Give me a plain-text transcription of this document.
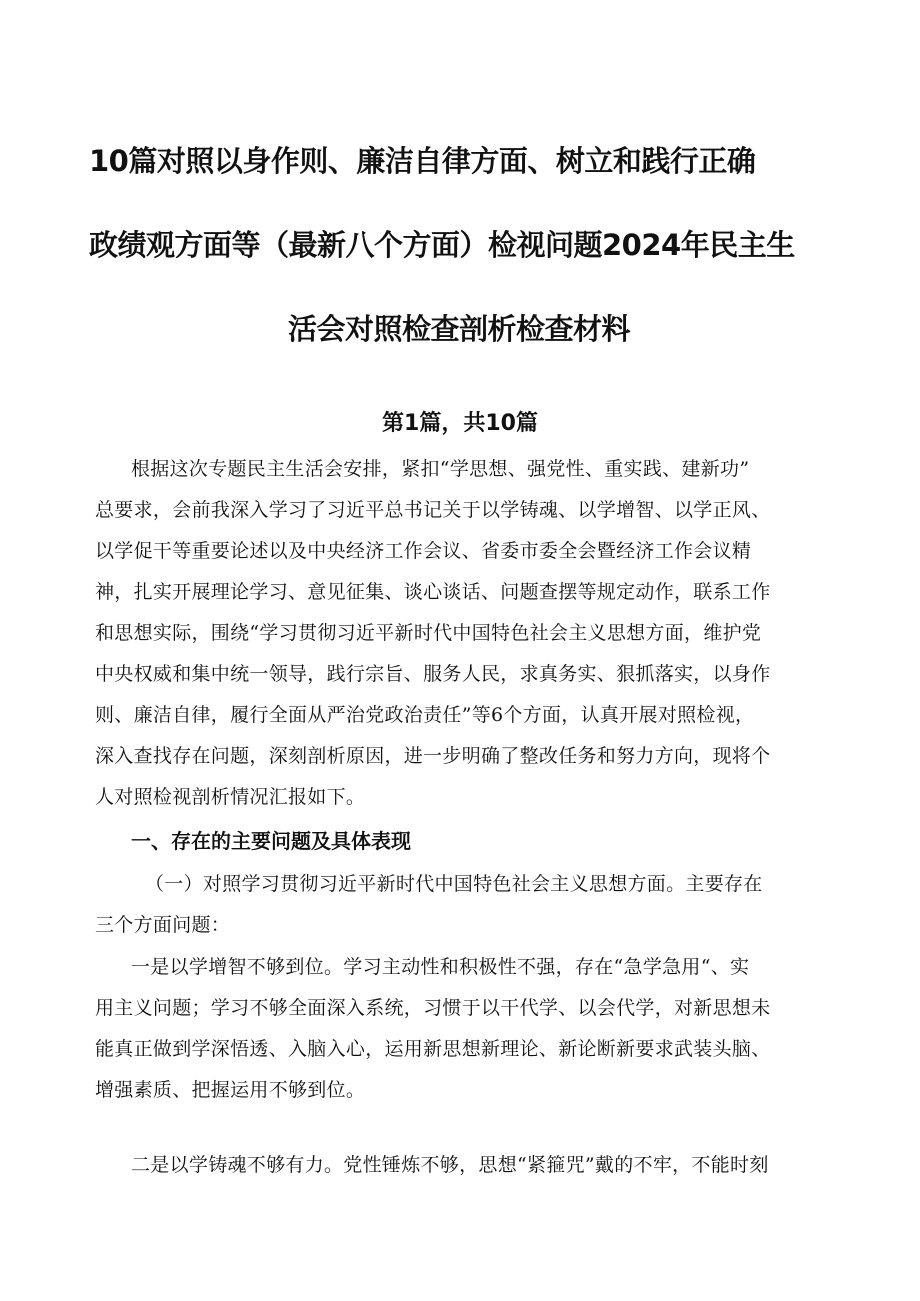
10篇对照以身作则、廉洁自律方面、树立和践行正确
政绩观方面等（最新八个方面）检视问题2024年民主生
活会对照检查剖析检查材料
第1篇，共10篇
根据这次专题民主生活会安排，紧扣“学思想、强党性、重实践、建新功”
总要求，会前我深入学习了习近平总书记关于以学铸魂、以学增智、以学正风、
以学促干等重要论述以及中央经济工作会议、省委市委全会暨经济工作会议精
神，扎实开展理论学习、意见征集、谈心谈话、问题查摆等规定动作，联系工作
和思想实际，围绕“学习贯彻习近平新时代中国特色社会主义思想方面，维护党
中央权威和集中统一领导，践行宗旨、服务人民，求真务实、狠抓落实，以身作
则、廉洁自律，履行全面从严治党政治责任”等6个方面，认真开展对照检视，
深入查找存在问题，深刻剖析原因，进一步明确了整改任务和努力方向，现将个
人对照检视剖析情况汇报如下。
一、存在的主要问题及具体表现
（一）对照学习贯彻习近平新时代中国特色社会主义思想方面。主要存在
三个方面问题：
一是以学增智不够到位。学习主动性和积极性不强，存在“急学急用“、实
用主义问题；学习不够全面深入系统，习惯于以干代学、以会代学，对新思想未
能真正做到学深悟透、入脑入心，运用新思想新理论、新论断新要求武装头脑、
增强素质、把握运用不够到位。
二是以学铸魂不够有力。党性锤炼不够，思想“紧箍咒”戴的不牢，不能时刻
